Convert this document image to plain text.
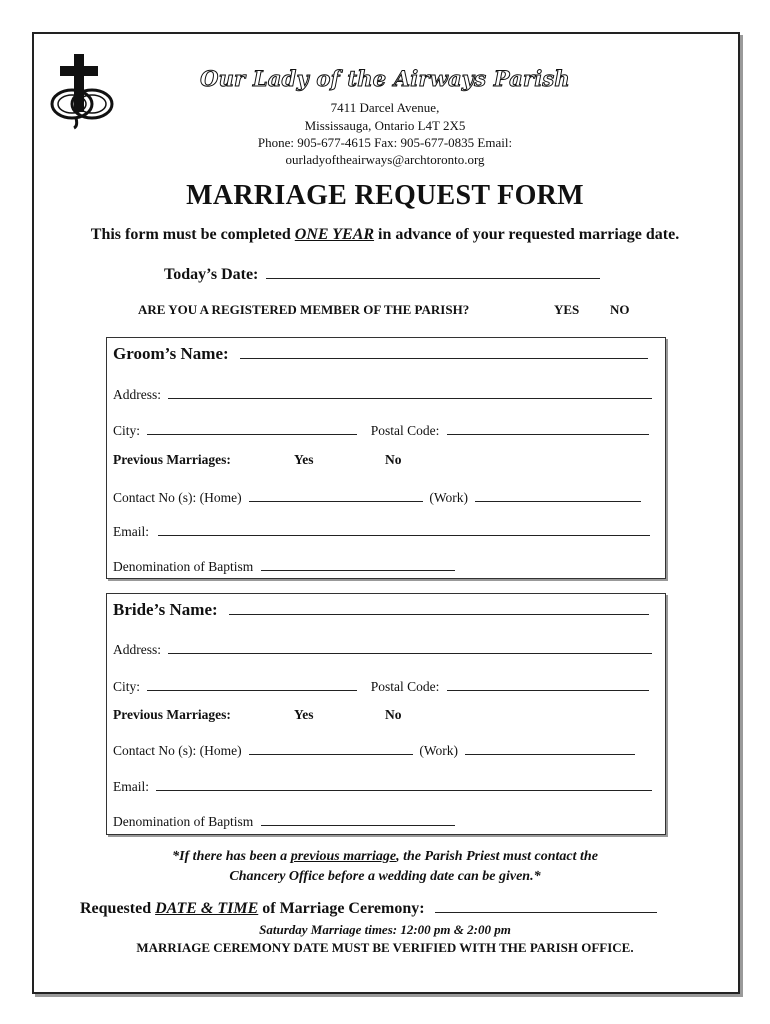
Our Lady of the Airways Parish
7411 Darcel Avenue,
Mississauga, Ontario L4T 2X5
Phone: 905-677-4615 Fax: 905-677-0835 Email:
ourladyoftheairways@archtoronto.org
MARRIAGE REQUEST FORM
This form must be completed ONE YEAR in advance of your requested marriage date.
Today’s Date:
ARE YOU A REGISTERED MEMBER OF THE PARISH?	YES NO
Groom’s Name:
Address:
City:	Postal Code:
Previous Marriages:	Yes	No
Contact No (s): (Home)	(Work)
Email:
Denomination of Baptism
Bride’s Name:
Address:
City:	Postal Code:
Previous Marriages:	Yes	No
Contact No (s): (Home)	(Work)
Email:
Denomination of Baptism
*If there has been a previous marriage, the Parish Priest must contact the
Chancery Office before a wedding date can be given.*
Requested DATE & TIME of Marriage Ceremony:
Saturday Marriage times: 12:00 pm & 2:00 pm
MARRIAGE CEREMONY DATE MUST BE VERIFIED WITH THE PARISH OFFICE.
